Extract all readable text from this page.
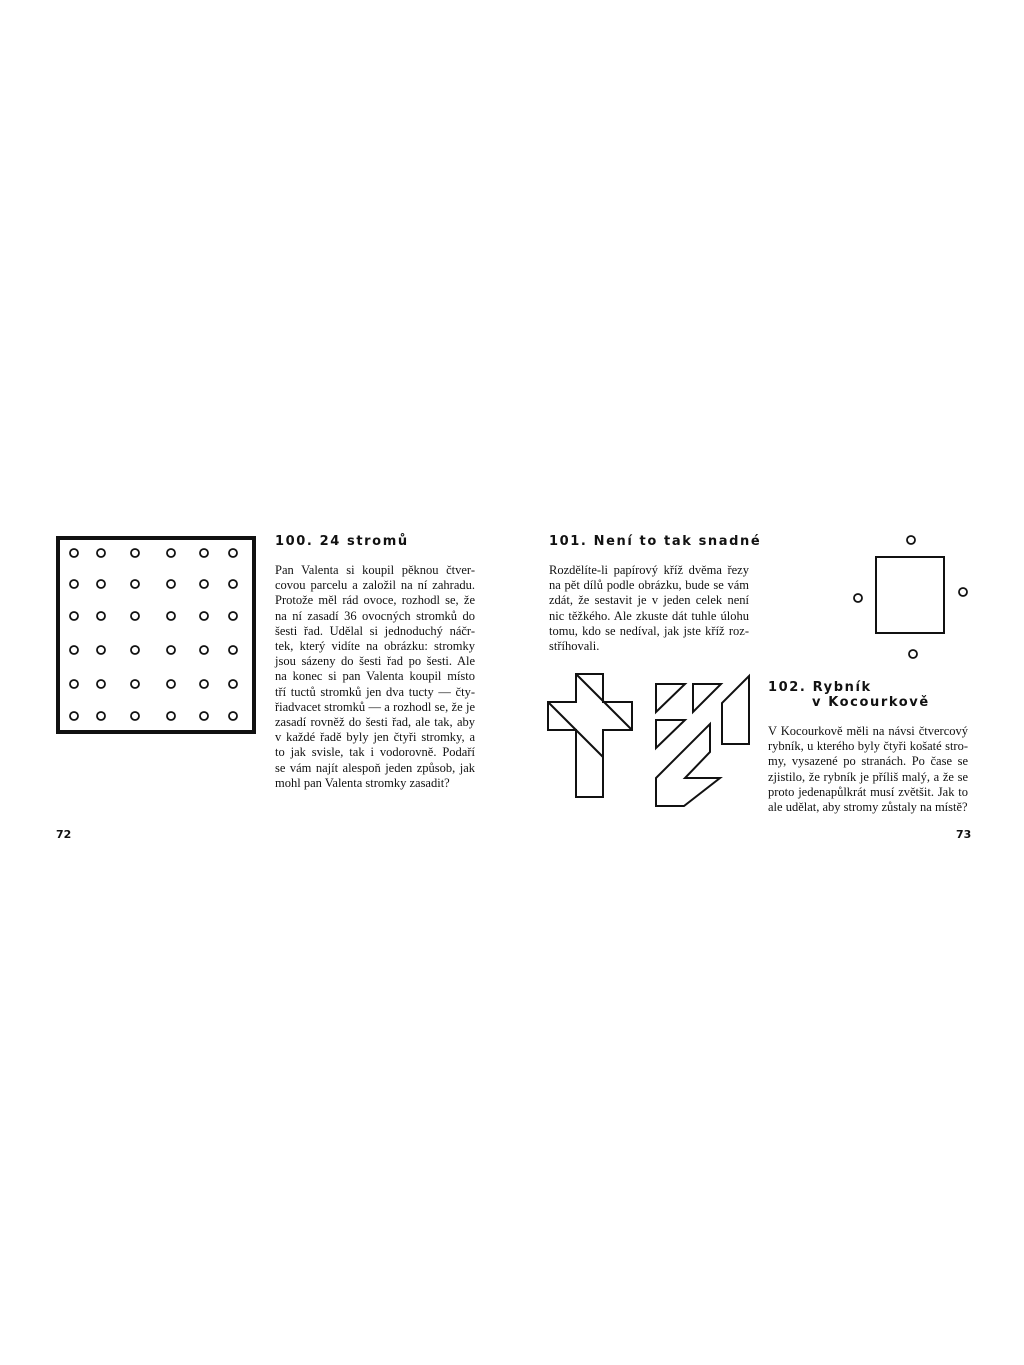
100. 24 stromů
Pan Valenta si koupil pěknou čtver-
covou parcelu a založil na ní zahradu.
Protože měl rád ovoce, rozhodl se, že
na ní zasadí 36 ovocných stromků do
šesti řad. Udělal si jednoduchý náčr-
tek, který vidíte na obrázku: stromky
jsou sázeny do šesti řad po šesti. Ale
na konec si pan Valenta koupil místo
tří tuctů stromků jen dva tucty — čty-
řiadvacet stromků — a rozhodl se, že je
zasadí rovněž do šesti řad, ale tak, aby
v každé řadě byly jen čtyři stromky, a
to jak svisle, tak i vodorovně. Podaří
se vám najít alespoň jeden způsob, jak
mohl pan Valenta stromky zasadit?
72
101. Není to tak snadné
Rozdělíte-li papírový kříž dvěma řezy
na pět dílů podle obrázku, bude se vám
zdát, že sestavit je v jeden celek není
nic těžkého. Ale zkuste dát tuhle úlohu
tomu, kdo se nedíval, jak jste kříž roz-
stříhovali.
102. Rybník
v Kocourkově
V Kocourkově měli na návsi čtvercový
rybník, u kterého byly čtyři košaté stro-
my, vysazené po stranách. Po čase se
zjistilo, že rybník je příliš malý, a že se
proto jedenapůlkrát musí zvětšit. Jak to
ale udělat, aby stromy zůstaly na místě?
73
